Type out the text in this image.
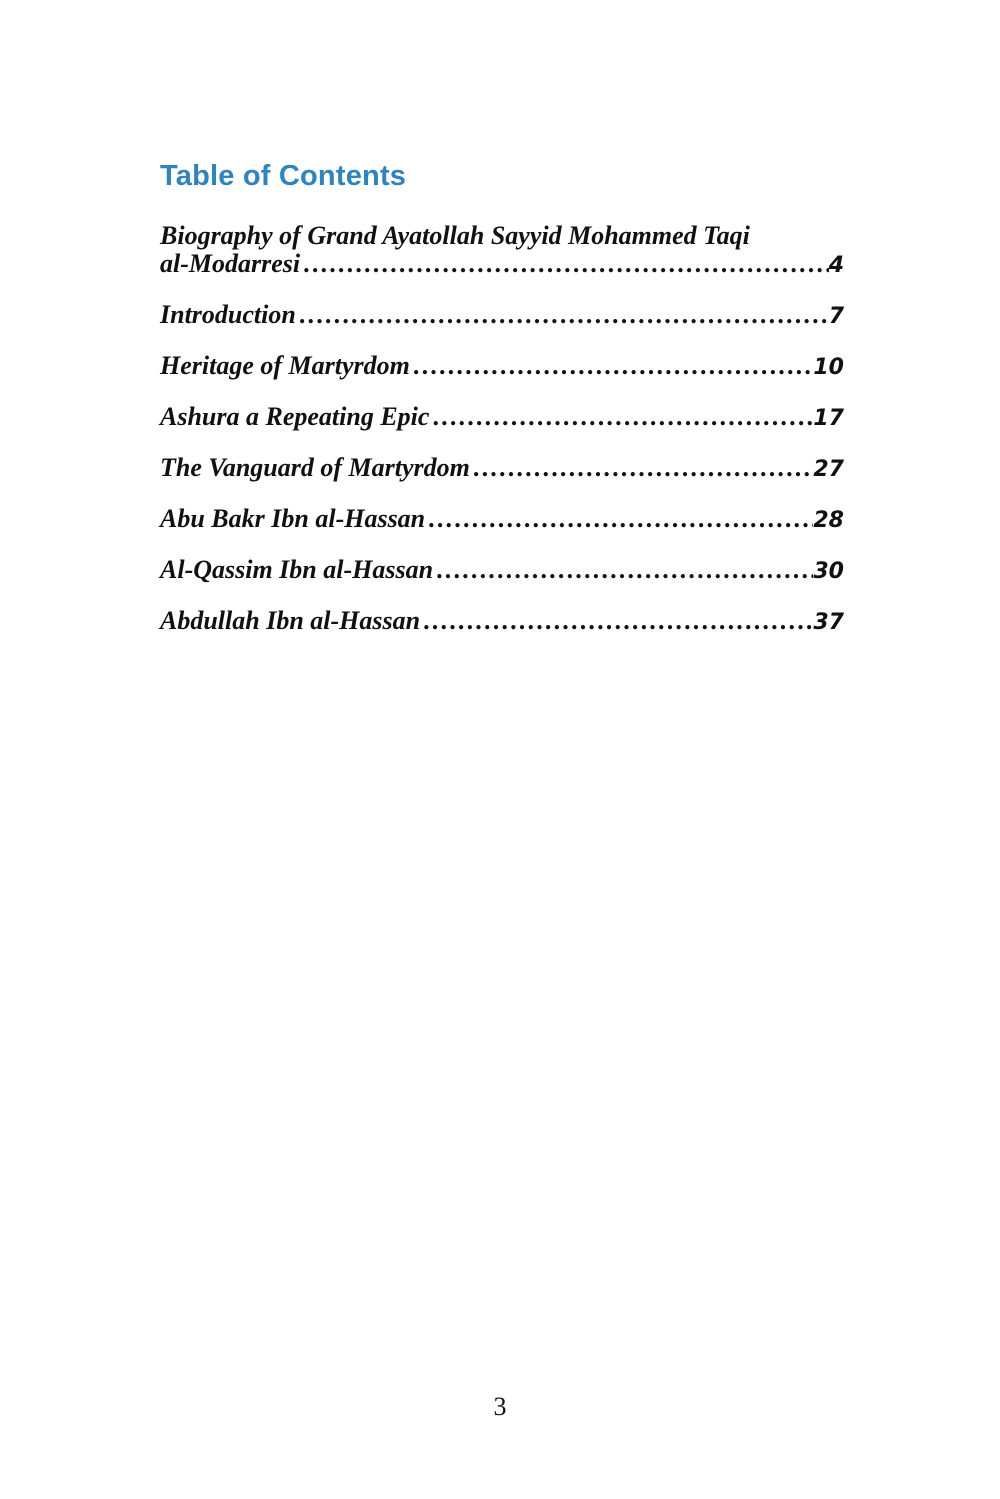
Table of Contents
Biography of Grand Ayatollah Sayyid Mohammed Taqi
al-Modarresi .....	4
Introduction .....	7
Heritage of Martyrdom .....	10
Ashura a Repeating Epic .....	17
The Vanguard of Martyrdom .....	27
Abu Bakr Ibn al-Hassan .....	28
Al-Qassim Ibn al-Hassan .....	30
Abdullah Ibn al-Hassan .....	37
3
